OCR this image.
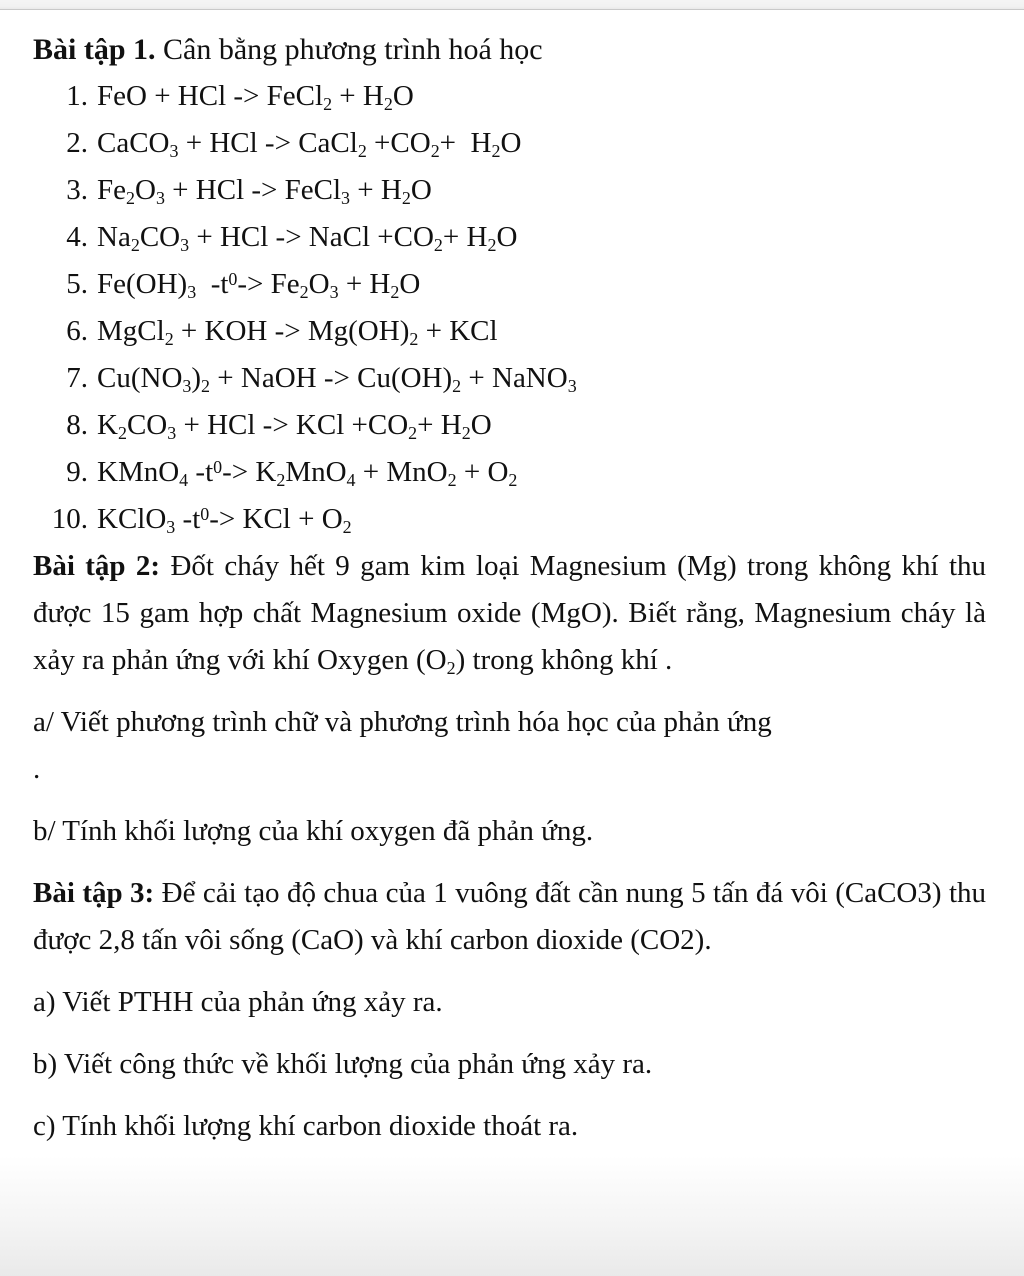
Bài tập 1. Cân bằng phương trình hoá học
1. FeO + HCl -> FeCl$_2$ + $H_2O$
2. CaCO$_3$ + HCl -> CaCl$_2$ $+CO_2+ H_2O$
3. $Fe_2O_3$ + HCl -> FeCl$_3$ + $H_2O$
4. $Na_2CO_3$ + HCl -> NaCl $+CO_2+ H_2O$
5. $Fe(OH)_3$  $-t^0-> Fe_2O_3 + H_2O$
6. MgCl$_2$ + KOH -> $Mg(OH)_2$ + KCl
7. $Cu(NO_3)_2$ + NaOH -> $Cu(OH)_2$ + NaNO$_3$
8. $K_2CO_3$ + HCl -> KCl $+CO_2+ H_2O$
9. KMnO$_4$ $-t^0-> K_2MnO_4 + MnO_2 + O_2$
10. KClO$_3$ $-t^0->$ KCl + $O_2$

Bài tập 2: Đốt cháy hết 9 gam kim loại Magnesium (Mg) trong không khí thu được 15 gam hợp chất Magnesium oxide (MgO). Biết rằng, Magnesium cháy là xảy ra phản ứng với khí Oxygen $(O_2)$ trong không khí .

a/ Viết phương trình chữ và phương trình hóa học của phản ứng

.

b/ Tính khối lượng của khí oxygen đã phản ứng.

Bài tập 3: Để cải tạo độ chua của 1 vuông đất cần nung 5 tấn đá vôi (CaCO3) thu được 2,8 tấn vôi sống (CaO) và khí carbon dioxide (CO2).

a) Viết PTHH của phản ứng xảy ra.

b) Viết công thức về khối lượng của phản ứng xảy ra.

c) Tính khối lượng khí carbon dioxide thoát ra.
